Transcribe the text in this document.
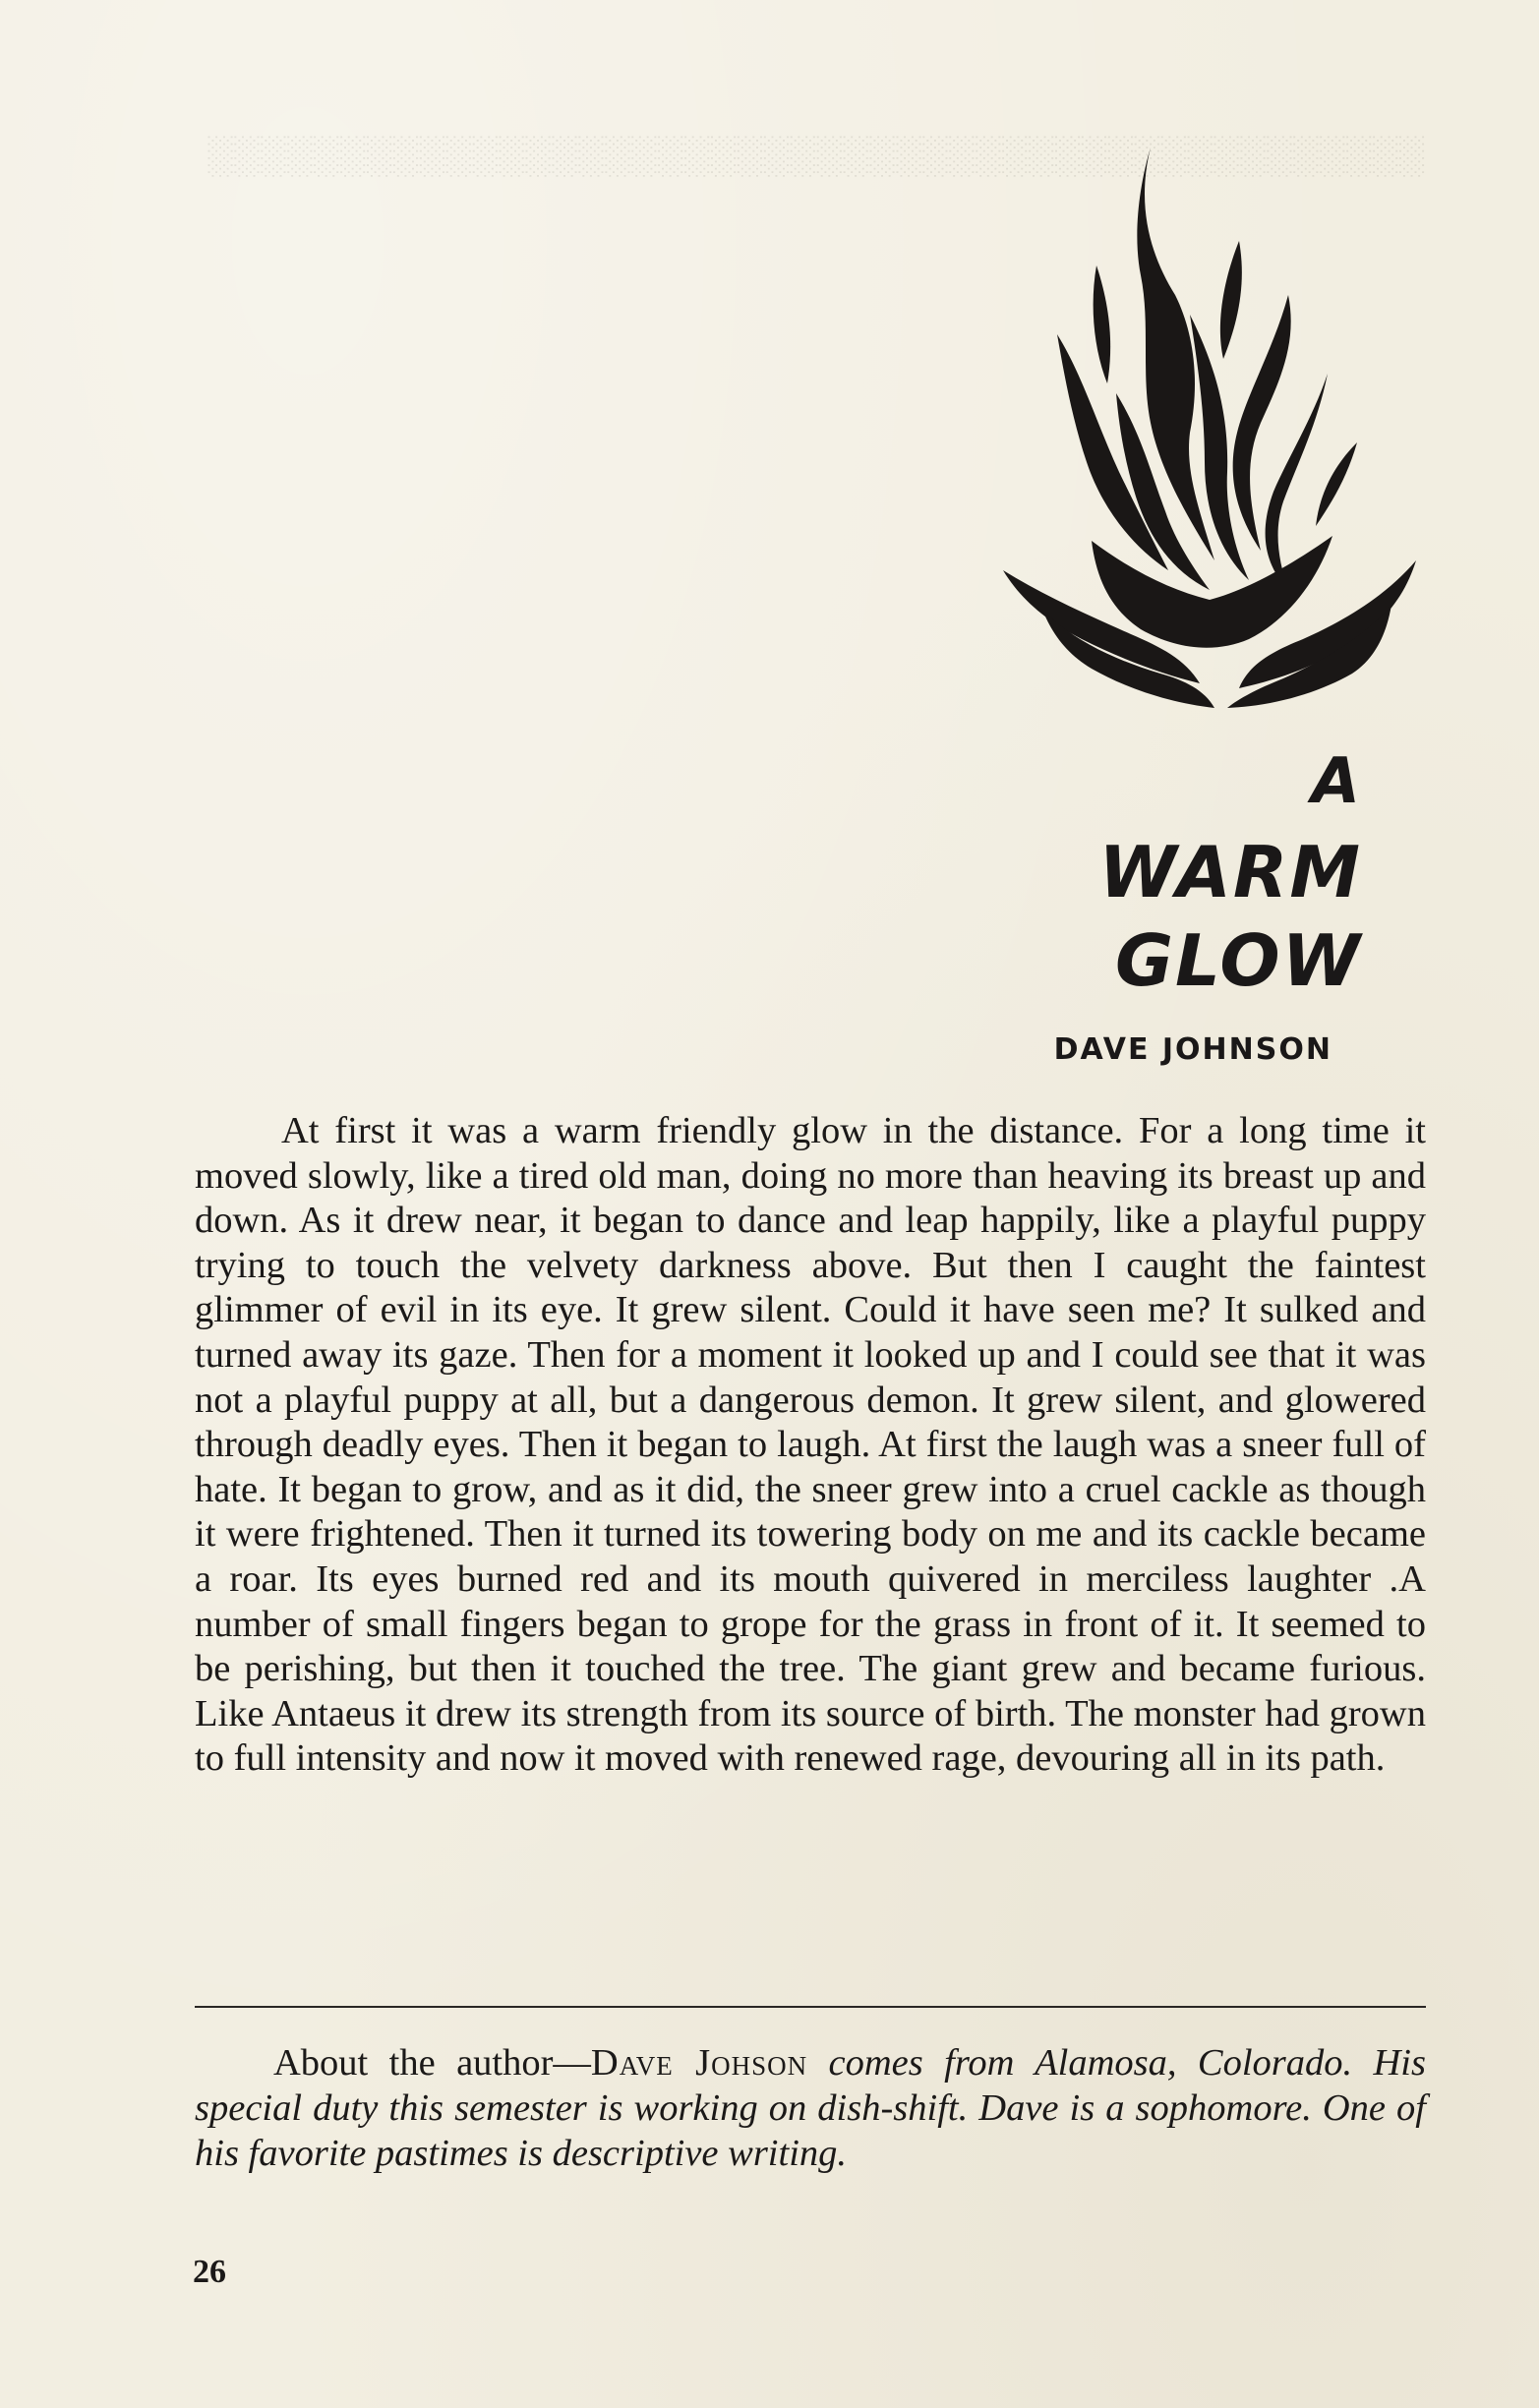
░░░░░░░░░░░░░░░░░░░░░░░░░░░░░░░░░░░░░░░░░░░░░░
A
WARM
GLOW
DAVE JOHNSON

At first it was a warm friendly glow in the distance. For a long time it moved slowly, like a tired old man, doing no more than heaving its breast up and down. As it drew near, it began to dance and leap happily, like a playful puppy trying to touch the velvety darkness above. But then I caught the faintest glimmer of evil in its eye. It grew silent. Could it have seen me? It sulked and turned away its gaze. Then for a moment it looked up and I could see that it was not a playful puppy at all, but a dangerous demon. It grew silent, and glowered through deadly eyes. Then it began to laugh. At first the laugh was a sneer full of hate. It began to grow, and as it did, the sneer grew into a cruel cackle as though it were frightened. Then it turned its towering body on me and its cackle became a roar. Its eyes burned red and its mouth quivered in merciless laughter .A number of small fingers began to grope for the grass in front of it. It seemed to be perishing, but then it touched the tree. The giant grew and became furious. Like Antaeus it drew its strength from its source of birth. The monster had grown to full intensity and now it moved with renewed rage, devouring all in its path.

About the author—Dave Johson comes from Alamosa, Colorado. His special duty this semester is working on dish-shift. Dave is a sophomore. One of his favorite pastimes is descriptive writing.

26
